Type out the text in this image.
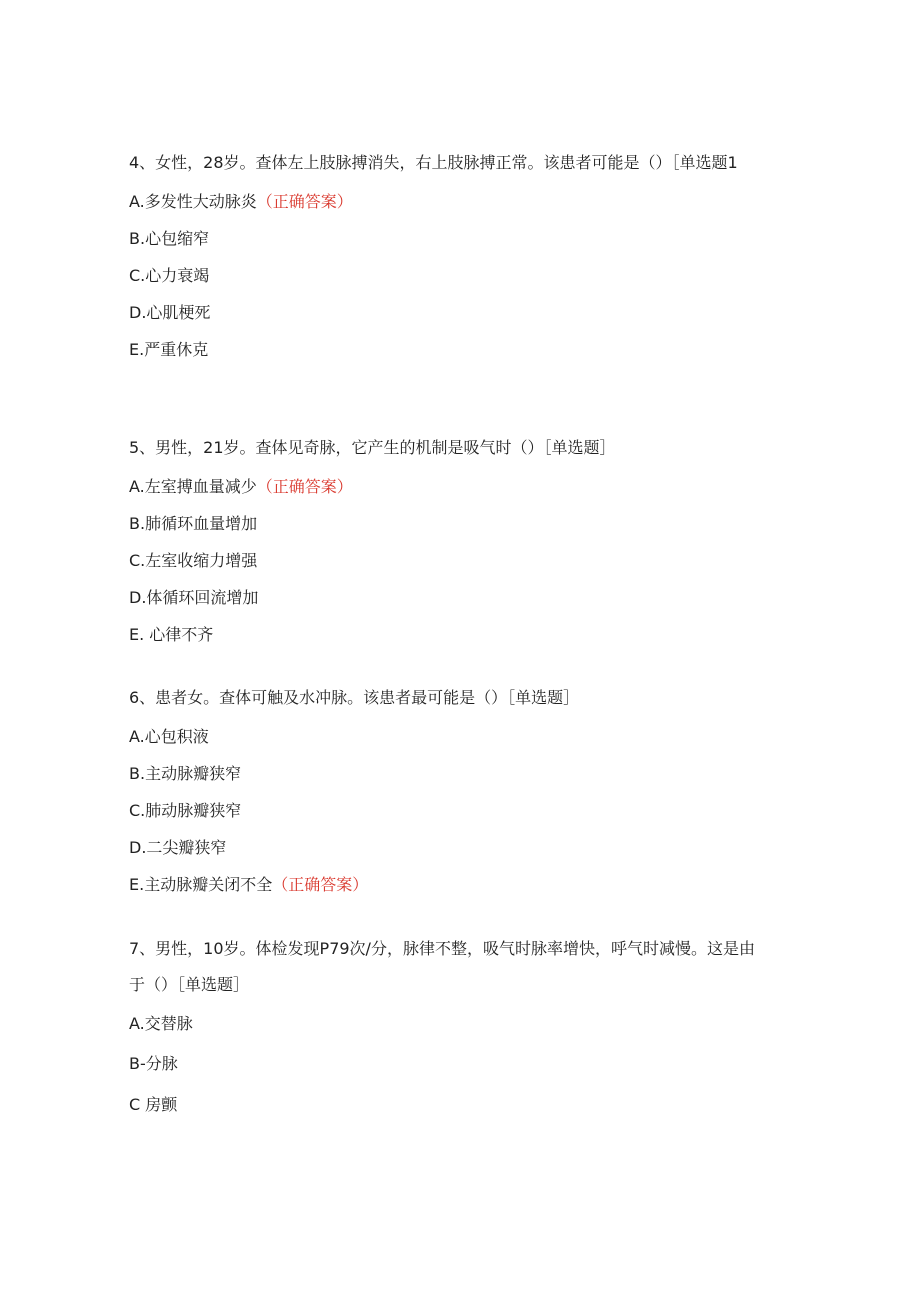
4、女性，28岁。查体左上肢脉搏消失，右上肢脉搏正常。该患者可能是（）［单选题1
A.多发性大动脉炎（正确答案）
B.心包缩窄
C.心力衰竭
D.心肌梗死
E.严重休克
5、男性，21岁。查体见奇脉，它产生的机制是吸气时（）［单选题］
A.左室搏血量减少（正确答案）
B.肺循环血量增加
C.左室收缩力增强
D.体循环回流增加
E. 心律不齐
6、患者女。查体可触及水冲脉。该患者最可能是（）［单选题］
A.心包积液
B.主动脉瓣狭窄
C.肺动脉瓣狭窄
D.二尖瓣狭窄
E.主动脉瓣关闭不全（正确答案）
7、男性，10岁。体检发现P79次/分，脉律不整，吸气时脉率增快，呼气时减慢。这是由于（）［单选题］
A.交替脉
B-分脉
C 房颤
